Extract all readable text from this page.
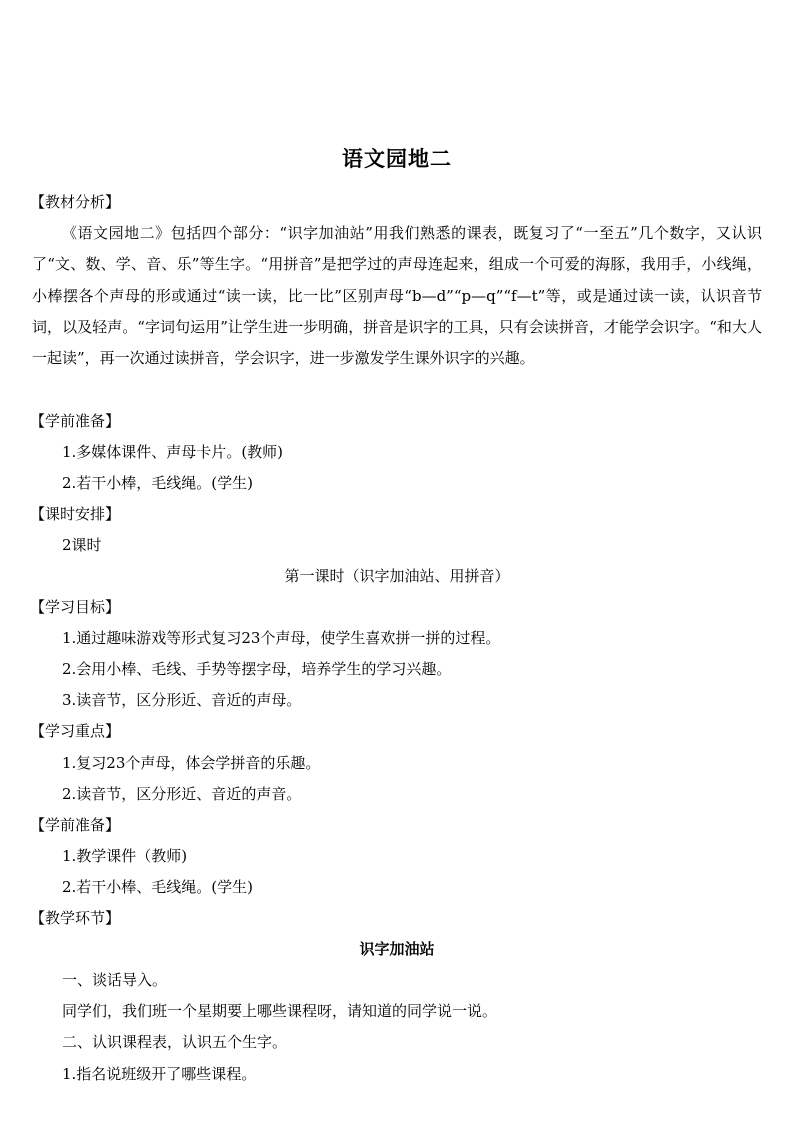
语文园地二
【教材分析】
《语文园地二》包括四个部分：“识字加油站”用我们熟悉的课表，既复习了“一至五”几个数字，又认识了“文、数、学、音、乐”等生字。“用拼音”是把学过的声母连起来，组成一个可爱的海豚，我用手，小线绳，小棒摆各个声母的形或通过“读一读，比一比”区别声母“b—d”“p—q”“f—t”等，或是通过读一读，认识音节词，以及轻声。“字词句运用”让学生进一步明确，拼音是识字的工具，只有会读拼音，才能学会识字。“和大人一起读”，再一次通过读拼音，学会识字，进一步激发学生课外识字的兴趣。
【学前准备】
1.多媒体课件、声母卡片。(教师)
2.若干小棒，毛线绳。(学生)
【课时安排】
2课时
第一课时（识字加油站、用拼音）
【学习目标】
1.通过趣味游戏等形式复习23个声母，使学生喜欢拼一拼的过程。
2.会用小棒、毛线、手势等摆字母，培养学生的学习兴趣。
3.读音节，区分形近、音近的声母。
【学习重点】
1.复习23个声母，体会学拼音的乐趣。
2.读音节，区分形近、音近的声音。
【学前准备】
1.教学课件（教师)
2.若干小棒、毛线绳。(学生)
【教学环节】
识字加油站
一、谈话导入。
同学们，我们班一个星期要上哪些课程呀，请知道的同学说一说。
二、认识课程表，认识五个生字。
1.指名说班级开了哪些课程。
